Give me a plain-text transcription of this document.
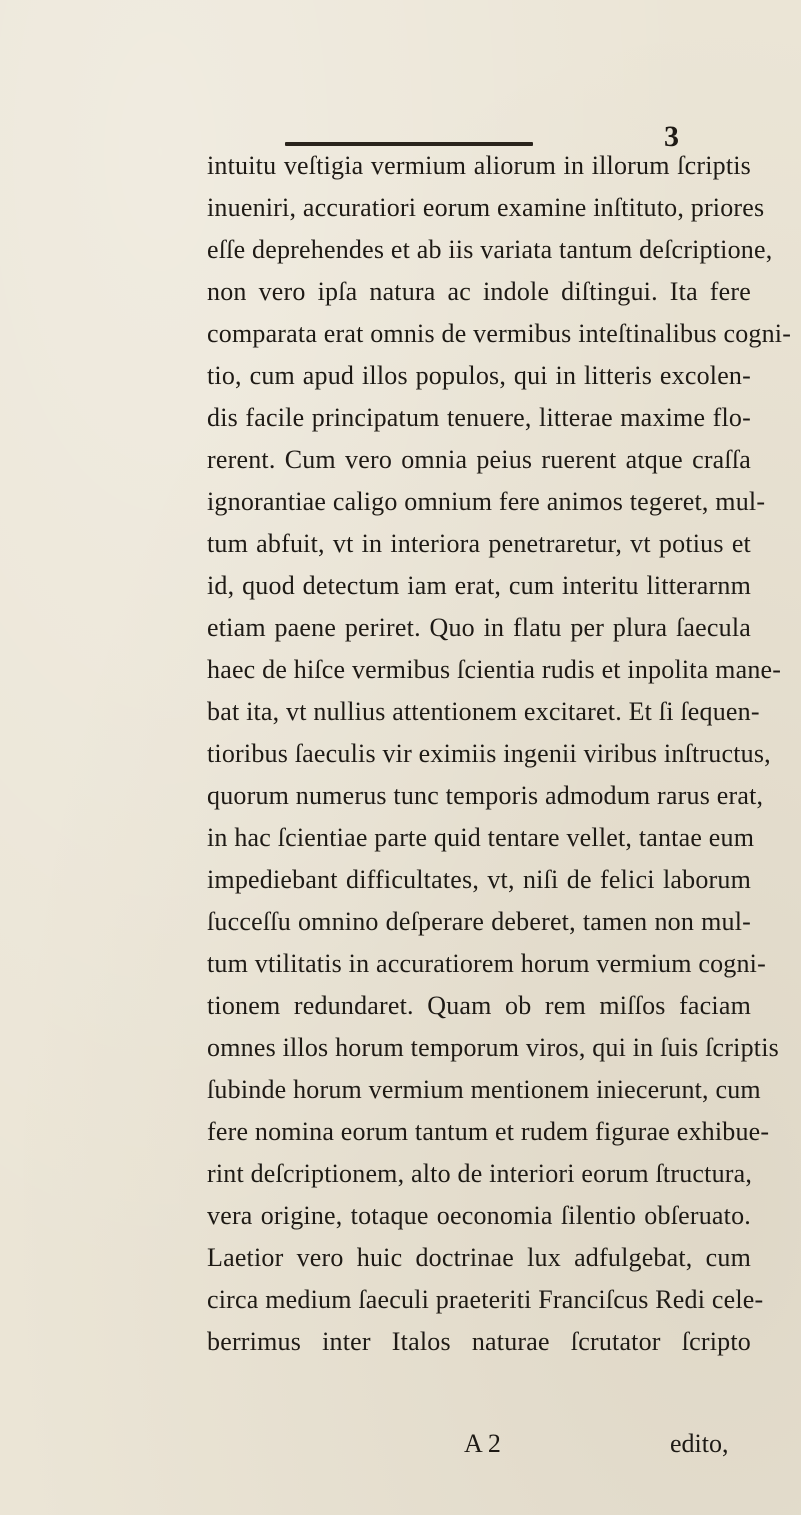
3
intuitu veſtigia vermium aliorum in illorum ſcriptis
inueniri, accuratiori eorum examine inſtituto, priores
eſſe deprehendes et ab iis variata tantum deſcriptione,
non vero ipſa natura ac indole diſtingui. Ita fere
comparata erat omnis de vermibus inteſtinalibus cogni-
tio, cum apud illos populos, qui in litteris excolen-
dis facile principatum tenuere, litterae maxime flo-
rerent. Cum vero omnia peius ruerent atque craſſa
ignorantiae caligo omnium fere animos tegeret, mul-
tum abfuit, vt in interiora penetraretur, vt potius et
id, quod detectum iam erat, cum interitu litterarnm
etiam paene periret. Quo in flatu per plura ſaecula
haec de hiſce vermibus ſcientia rudis et inpolita mane-
bat ita, vt nullius attentionem excitaret. Et ſi ſequen-
tioribus ſaeculis vir eximiis ingenii viribus inſtructus,
quorum numerus tunc temporis admodum rarus erat,
in hac ſcientiae parte quid tentare vellet, tantae eum
impediebant difficultates, vt, niſi de felici laborum
ſucceſſu omnino deſperare deberet, tamen non mul-
tum vtilitatis in accuratiorem horum vermium cogni-
tionem redundaret. Quam ob rem miſſos faciam
omnes illos horum temporum viros, qui in ſuis ſcriptis
ſubinde horum vermium mentionem iniecerunt, cum
fere nomina eorum tantum et rudem figurae exhibue-
rint deſcriptionem, alto de interiori eorum ſtructura,
vera origine, totaque oeconomia ſilentio obſeruato.
Laetior vero huic doctrinae lux adfulgebat, cum
circa medium ſaeculi praeteriti Franciſcus Redi cele-
berrimus inter Italos naturae ſcrutator ſcripto
A 2	edito,
